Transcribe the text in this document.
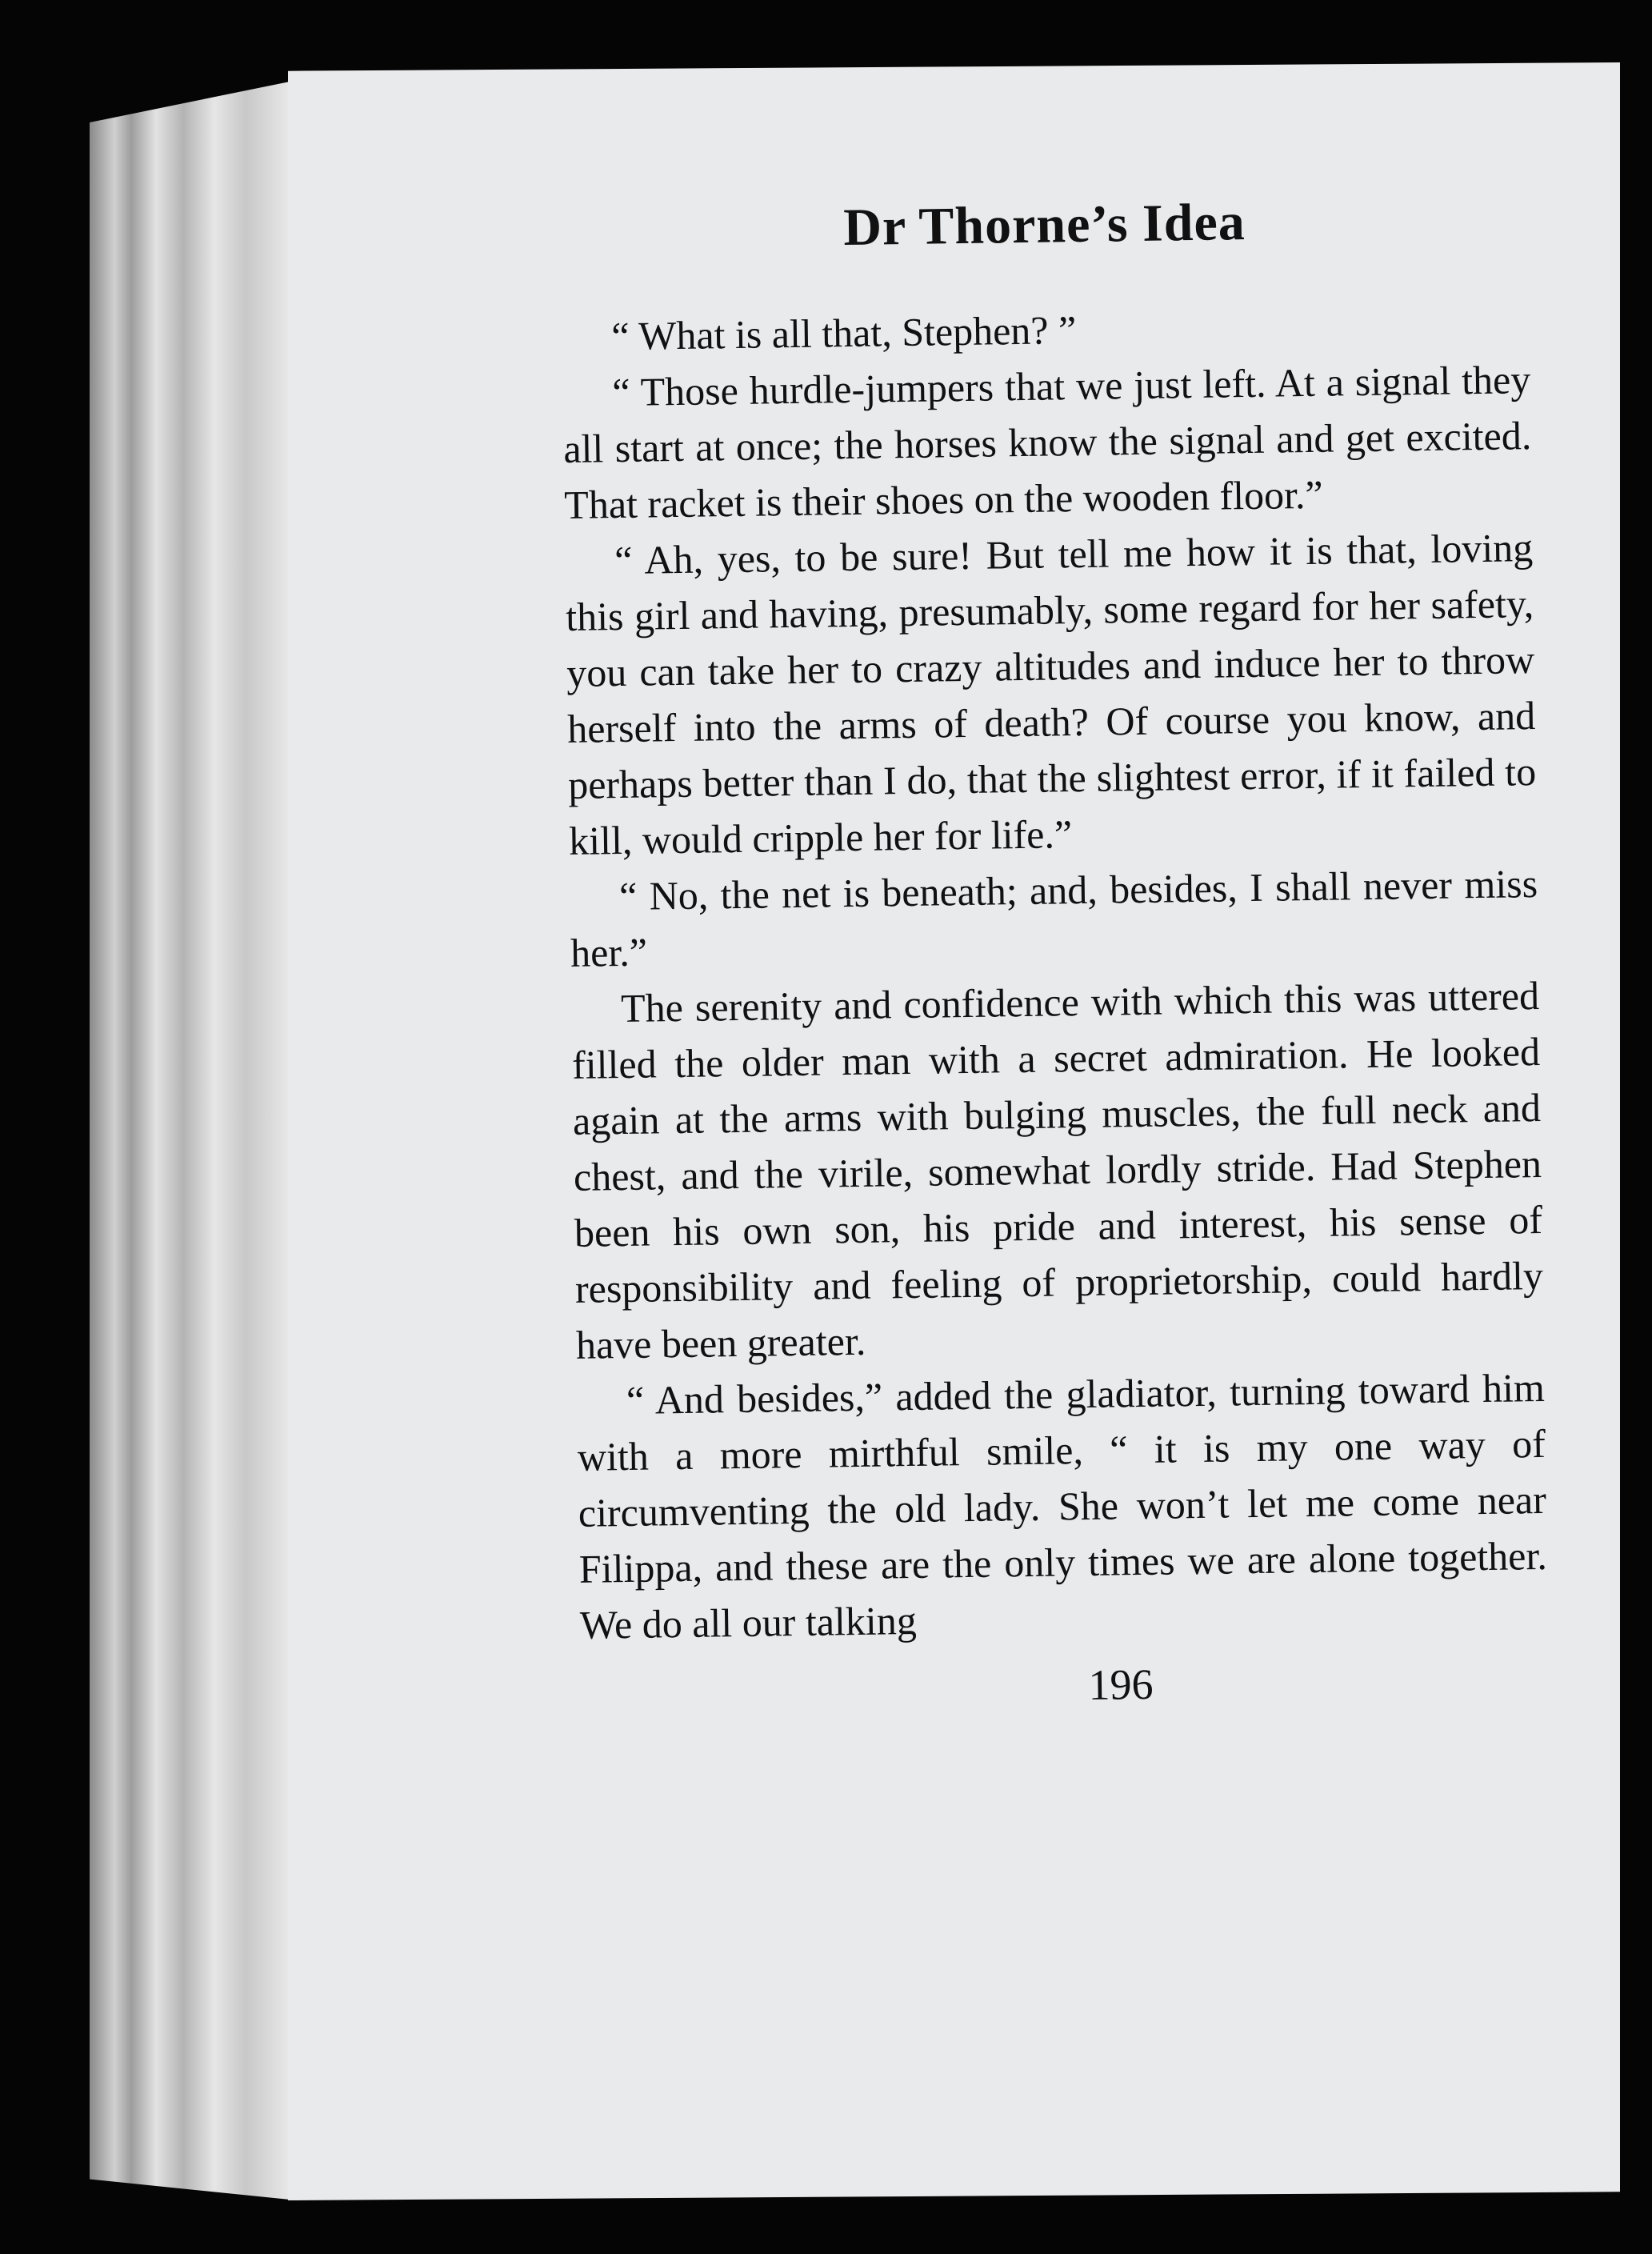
Dr Thorne’s Idea

“ What is all that, Stephen? ”

“ Those hurdle-jumpers that we just left. At a signal they all start at once; the horses know the signal and get excited. That racket is their shoes on the wooden floor.”

“ Ah, yes, to be sure! But tell me how it is that, loving this girl and having, presumably, some regard for her safety, you can take her to crazy altitudes and induce her to throw herself into the arms of death? Of course you know, and perhaps better than I do, that the slightest error, if it failed to kill, would cripple her for life.”

“ No, the net is beneath; and, besides, I shall never miss her.”

The serenity and confidence with which this was uttered filled the older man with a secret admiration. He looked again at the arms with bulging muscles, the full neck and chest, and the virile, somewhat lordly stride. Had Stephen been his own son, his pride and interest, his sense of responsibility and feeling of proprietorship, could hardly have been greater.

“ And besides,” added the gladiator, turning toward him with a more mirthful smile, “ it is my one way of circumventing the old lady. She won’t let me come near Filippa, and these are the only times we are alone together. We do all our talking

196
